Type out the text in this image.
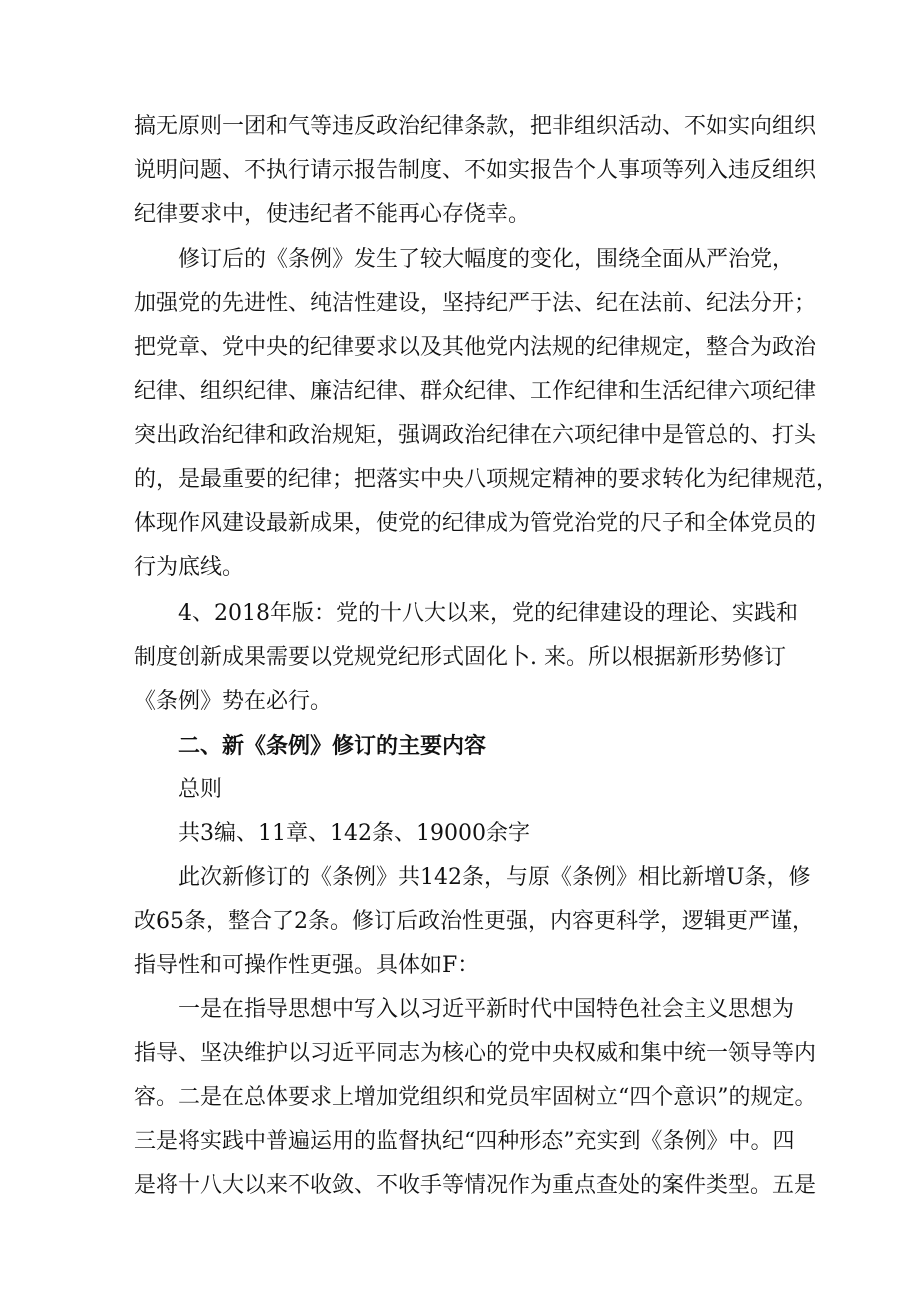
搞无原则一团和气等违反政治纪律条款，把非组织活动、不如实向组织
说明问题、不执行请示报告制度、不如实报告个人事项等列入违反组织
纪律要求中，使违纪者不能再心存侥幸。
修订后的《条例》发生了较大幅度的变化，围绕全面从严治党，
加强党的先进性、纯洁性建设，坚持纪严于法、纪在法前、纪法分开；
把党章、党中央的纪律要求以及其他党内法规的纪律规定，整合为政治
纪律、组织纪律、廉洁纪律、群众纪律、工作纪律和生活纪律六项纪律
突出政治纪律和政治规矩，强调政治纪律在六项纪律中是管总的、打头
的，是最重要的纪律；把落实中央八项规定精神的要求转化为纪律规范，
体现作风建设最新成果，使党的纪律成为管党治党的尺子和全体党员的
行为底线。
4、2018年版：党的十八大以来，党的纪律建设的理论、实践和
制度创新成果需要以党规党纪形式固化卜. 来。所以根据新形势修订
《条例》势在必行。
二、新《条例》修订的主要内容
总则
共3编、11章、142条、19000余字
此次新修订的《条例》共142条，与原《条例》相比新增U条，修
改65条，整合了2条。修订后政治性更强，内容更科学，逻辑更严谨，
指导性和可操作性更强。具体如F：
一是在指导思想中写入以习近平新时代中国特色社会主义思想为
指导、坚决维护以习近平同志为核心的党中央权威和集中统一领导等内
容。二是在总体要求上增加党组织和党员牢固树立“四个意识”的规定。
三是将实践中普遍运用的监督执纪“四种形态”充实到《条例》中。四
是将十八大以来不收敛、不收手等情况作为重点查处的案件类型。五是
